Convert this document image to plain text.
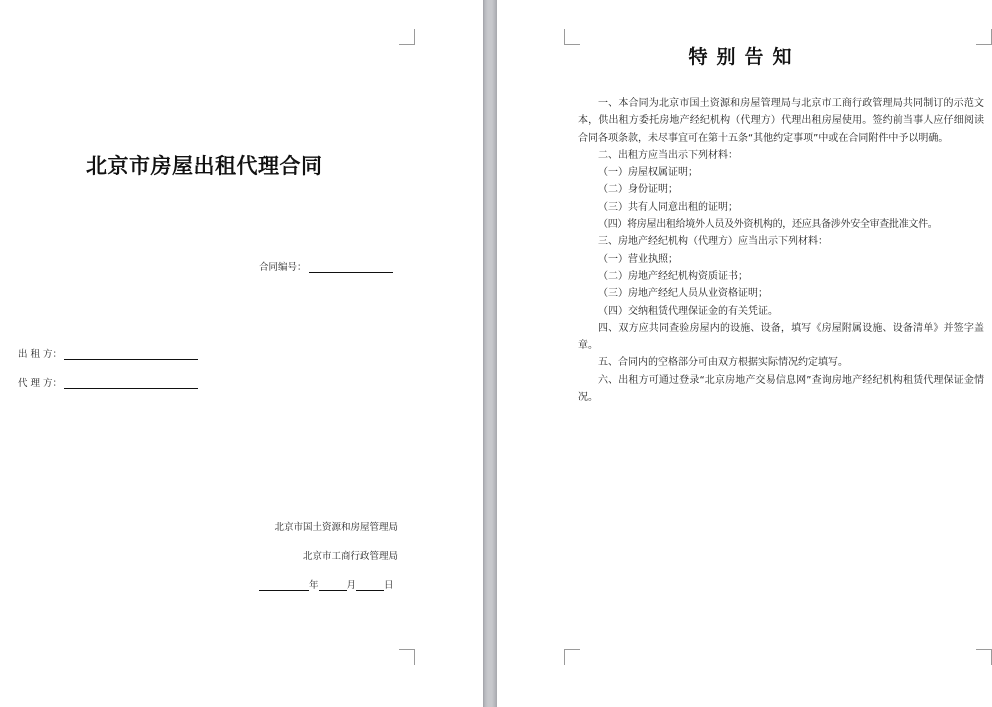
北京市房屋出租代理合同
合同编号：
出 租 方：
代 理 方：
北京市国土资源和房屋管理局
北京市工商行政管理局
年	月	日
特别告知

一、本合同为北京市国土资源和房屋管理局与北京市工商行政管理局共同制订的示范文本，供出租方委托房地产经纪机构（代理方）代理出租房屋使用。签约前当事人应仔细阅读合同各项条款，未尽事宜可在第十五条“其他约定事项”中或在合同附件中予以明确。

二、出租方应当出示下列材料：

（一）房屋权属证明；

（二）身份证明；

（三）共有人同意出租的证明；

（四）将房屋出租给境外人员及外资机构的，还应具备涉外安全审查批准文件。

三、房地产经纪机构（代理方）应当出示下列材料：

（一）营业执照；

（二）房地产经纪机构资质证书；

（三）房地产经纪人员从业资格证明；

（四）交纳租赁代理保证金的有关凭证。

四、双方应共同查验房屋内的设施、设备，填写《房屋附属设施、设备清单》并签字盖章。

五、合同内的空格部分可由双方根据实际情况约定填写。

六、出租方可通过登录“北京房地产交易信息网”查询房地产经纪机构租赁代理保证金情况。
